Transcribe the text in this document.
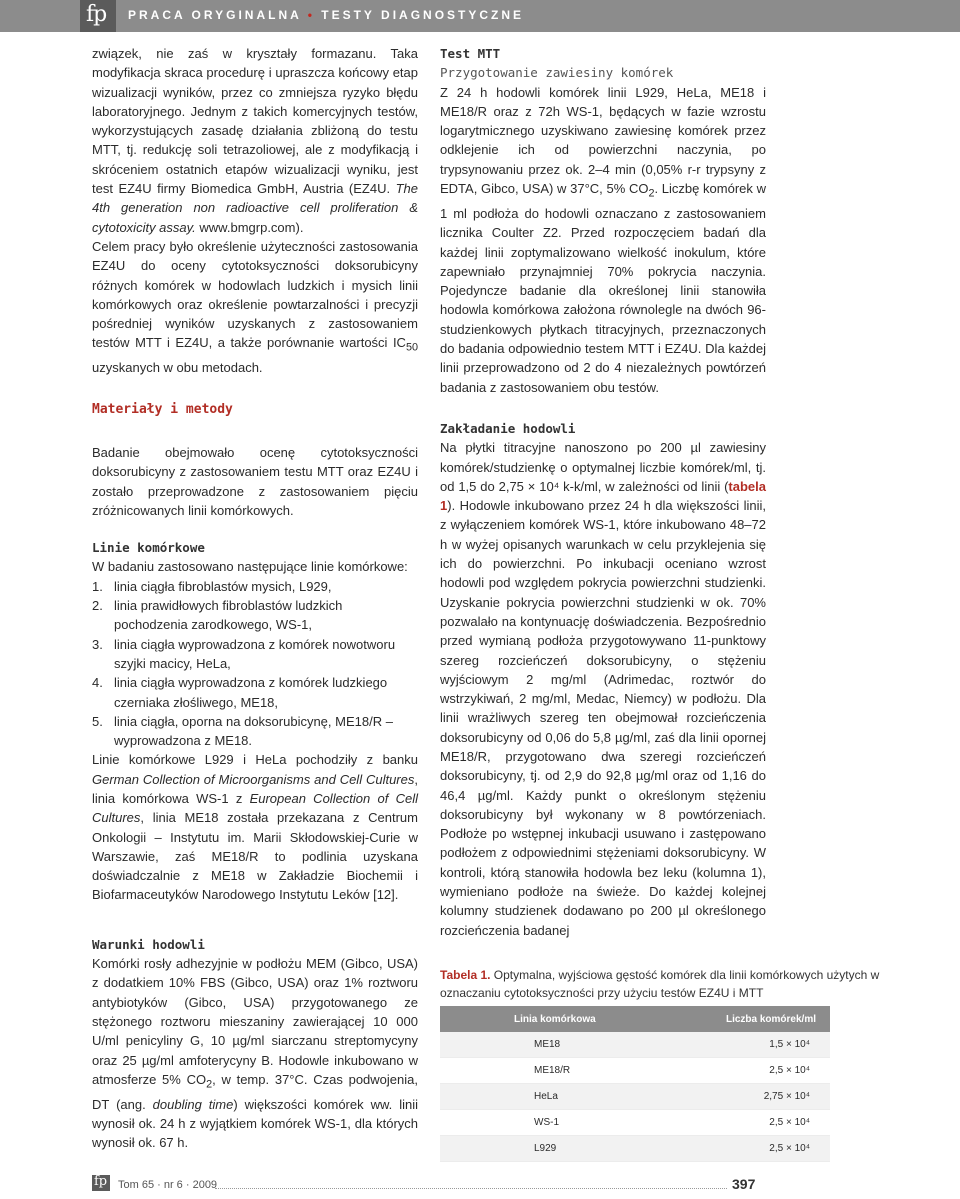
fp PRACA ORYGINALNA • TESTY DIAGNOSTYCZNE

związek, nie zaś w kryształy formazanu. Taka modyfikacja skraca procedurę i upraszcza końcowy etap wizualizacji wyników, przez co zmniejsza ryzyko błędu laboratoryjnego. Jednym z takich komercyjnych testów, wykorzystujących zasadę działania zbliżoną do testu MTT, tj. redukcję soli tetrazoliowej, ale z modyfikacją i skróceniem ostatnich etapów wizualizacji wyniku, jest test EZ4U firmy Biomedica GmbH, Austria (EZ4U. The 4th generation non radioactive cell proliferation & cytotoxicity assay. www.bmgrp.com).

Celem pracy było określenie użyteczności zastosowania EZ4U do oceny cytotoksyczności doksorubicyny różnych komórek w hodowlach ludzkich i mysich linii komórkowych oraz określenie powtarzalności i precyzji pośredniej wyników uzyskanych z zastosowaniem testów MTT i EZ4U, a także porównanie wartości $IC_{50}$ uzyskanych w obu metodach.

Materiały i metody

Badanie obejmowało ocenę cytotoksyczności doksorubicyny z zastosowaniem testu MTT oraz EZ4U i zostało przeprowadzone z zastosowaniem pięciu zróżnicowanych linii komórkowych.

Linie komórkowe

W badaniu zastosowano następujące linie komórkowe:

1. linia ciągła fibroblastów mysich, L929,
2. linia prawidłowych fibroblastów ludzkich pochodzenia zarodkowego, WS-1,
3. linia ciągła wyprowadzona z komórek nowotworu szyjki macicy, HeLa,
4. linia ciągła wyprowadzona z komórek ludzkiego czerniaka złośliwego, ME18,
5. linia ciągła, oporna na doksorubicynę, ME18/R – wyprowadzona z ME18.

Linie komórkowe L929 i HeLa pochodziły z banku German Collection of Microorganisms and Cell Cultures, linia komórkowa WS-1 z European Collection of Cell Cultures, linia ME18 została przekazana z Centrum Onkologii – Instytutu im. Marii Skłodowskiej-Curie w Warszawie, zaś ME18/R to podlinia uzyskana doświadczalnie z ME18 w Zakładzie Biochemii i Biofarmaceutyków Narodowego Instytutu Leków [12].

Warunki hodowli

Komórki rosły adhezyjnie w podłożu MEM (Gibco, USA) z dodatkiem 10% FBS (Gibco, USA) oraz 1% roztworu antybiotyków (Gibco, USA) przygotowanego ze stężonego roztworu mieszaniny zawierającej 10 000 U/ml penicyliny G, 10 µg/ml siarczanu streptomycyny oraz 25 µg/ml amfoterycyny B. Hodowle inkubowano w atmosferze 5% $CO_2$, w temp. 37°C. Czas podwojenia, DT (ang. doubling time) większości komórek ww. linii wynosił ok. 24 h z wyjątkiem komórek WS-1, dla których wynosił ok. 67 h.

Test MTT
Przygotowanie zawiesiny komórek

Z 24 h hodowli komórek linii L929, HeLa, ME18 i ME18/R oraz z 72h WS-1, będących w fazie wzrostu logarytmicznego uzyskiwano zawiesinę komórek przez odklejenie ich od powierzchni naczynia, po trypsynowaniu przez ok. 2–4 min (0,05% r-r trypsyny z EDTA, Gibco, USA) w 37°C, 5% $CO_2$. Liczbę komórek w 1 ml podłoża do hodowli oznaczano z zastosowaniem licznika Coulter Z2. Przed rozpoczęciem badań dla każdej linii zoptymalizowano wielkość inokulum, które zapewniało przynajmniej 70% pokrycia naczynia. Pojedyncze badanie dla określonej linii stanowiła hodowla komórkowa założona równolegle na dwóch 96-studzienkowych płytkach titracyjnych, przeznaczonych do badania odpowiednio testem MTT i EZ4U. Dla każdej linii przeprowadzono od 2 do 4 niezależnych powtórzeń badania z zastosowaniem obu testów.

Zakładanie hodowli

Na płytki titracyjne nanoszono po 200 µl zawiesiny komórek/studzienkę o optymalnej liczbie komórek/ml, tj. od 1,5 do 2,75 × 10⁴ k-k/ml, w zależności od linii (tabela 1). Hodowle inkubowano przez 24 h dla większości linii, z wyłączeniem komórek WS-1, które inkubowano 48–72 h w wyżej opisanych warunkach w celu przyklejenia się ich do powierzchni. Po inkubacji oceniano wzrost hodowli pod względem pokrycia powierzchni studzienki. Uzyskanie pokrycia powierzchni studzienki w ok. 70% pozwalało na kontynuację doświadczenia. Bezpośrednio przed wymianą podłoża przygotowywano 11-punktowy szereg rozcieńczeń doksorubicyny, o stężeniu wyjściowym 2 mg/ml (Adrimedac, roztwór do wstrzykiwań, 2 mg/ml, Medac, Niemcy) w podłożu. Dla linii wrażliwych szereg ten obejmował rozcieńczenia doksorubicyny od 0,06 do 5,8 µg/ml, zaś dla linii opornej ME18/R, przygotowano dwa szeregi rozcieńczeń doksorubicyny, tj. od 2,9 do 92,8 µg/ml oraz od 1,16 do 46,4 µg/ml. Każdy punkt o określonym stężeniu doksorubicyny był wykonany w 8 powtórzeniach. Podłoże po wstępnej inkubacji usuwano i zastępowano podłożem z odpowiednimi stężeniami doksorubicyny. W kontroli, którą stanowiła hodowla bez leku (kolumna 1), wymieniano podłoże na świeże. Do każdej kolejnej kolumny studzienek dodawano po 200 µl określonego rozcieńczenia badanej

Tabela 1. Optymalna, wyjściowa gęstość komórek dla linii komórkowych użytych w oznaczaniu cytotoksyczności przy użyciu testów EZ4U i MTT
Linia komórkowa	Liczba komórek/ml
ME18	1,5 × 10⁴
ME18/R	2,5 × 10⁴
HeLa	2,75 × 10⁴
WS-1	2,5 × 10⁴
L929	2,5 × 10⁴
fp Tom 65 · nr 6 · 2009	397
